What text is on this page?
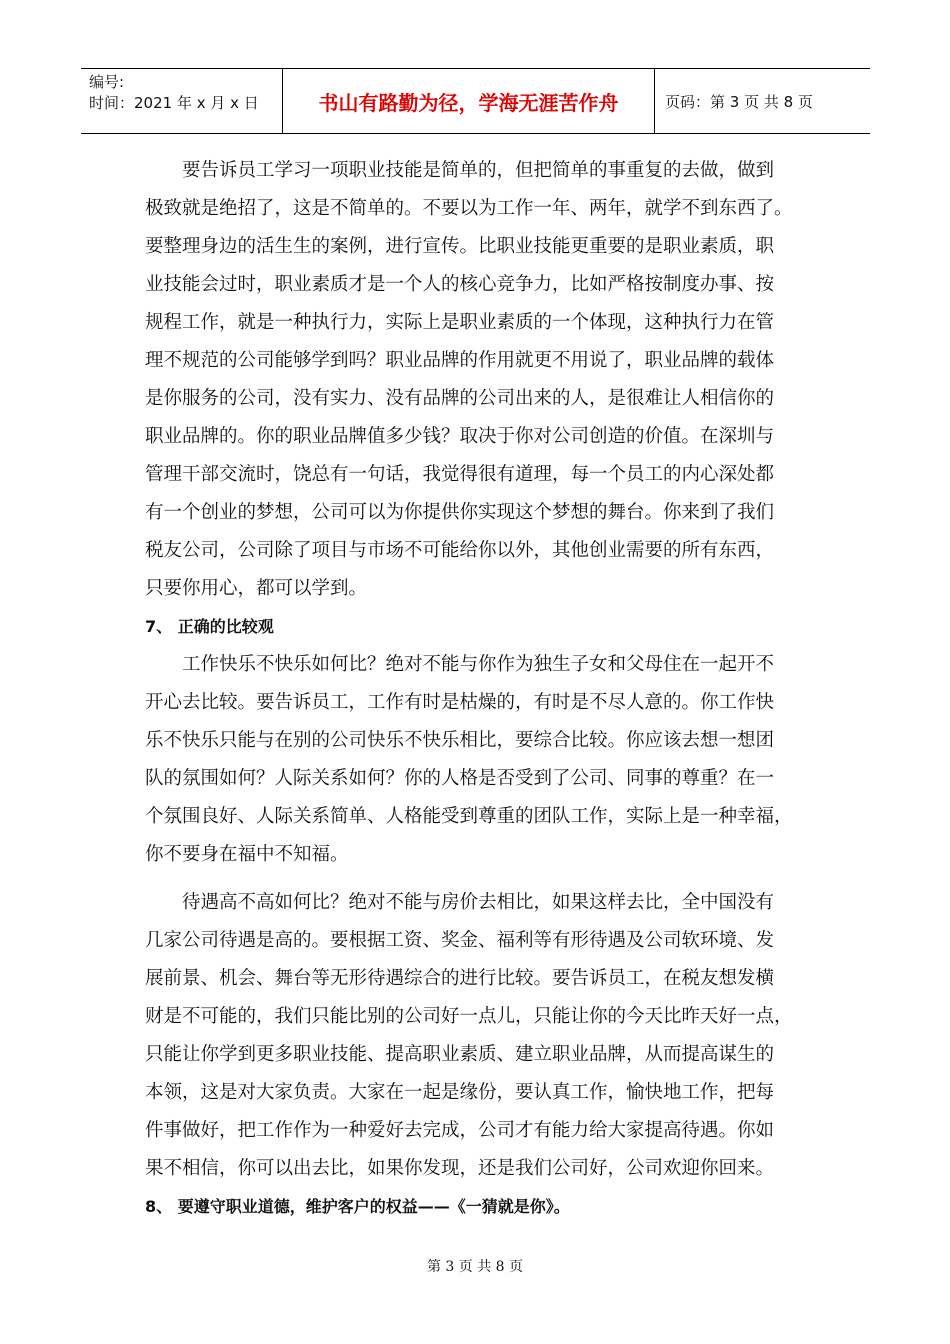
编号:
时间：2021 年 x 月 x 日	书山有路勤为径，学海无涯苦作舟	页码：第 3 页 共 8 页
要告诉员工学习一项职业技能是简单的，但把简单的事重复的去做，做到
极致就是绝招了，这是不简单的。不要以为工作一年、两年，就学不到东西了。
要整理身边的活生生的案例，进行宣传。比职业技能更重要的是职业素质，职
业技能会过时，职业素质才是一个人的核心竞争力，比如严格按制度办事、按
规程工作，就是一种执行力，实际上是职业素质的一个体现，这种执行力在管
理不规范的公司能够学到吗？职业品牌的作用就更不用说了，职业品牌的载体
是你服务的公司，没有实力、没有品牌的公司出来的人，是很难让人相信你的
职业品牌的。你的职业品牌值多少钱？取决于你对公司创造的价值。在深圳与
管理干部交流时，饶总有一句话，我觉得很有道理，每一个员工的内心深处都
有一个创业的梦想，公司可以为你提供你实现这个梦想的舞台。你来到了我们
税友公司，公司除了项目与市场不可能给你以外，其他创业需要的所有东西，
只要你用心，都可以学到。
7、 正确的比较观
工作快乐不快乐如何比？绝对不能与你作为独生子女和父母住在一起开不
开心去比较。要告诉员工，工作有时是枯燥的，有时是不尽人意的。你工作快
乐不快乐只能与在别的公司快乐不快乐相比，要综合比较。你应该去想一想团
队的氛围如何？人际关系如何？你的人格是否受到了公司、同事的尊重？在一
个氛围良好、人际关系简单、人格能受到尊重的团队工作，实际上是一种幸福，
你不要身在福中不知福。
待遇高不高如何比？绝对不能与房价去相比，如果这样去比，全中国没有
几家公司待遇是高的。要根据工资、奖金、福利等有形待遇及公司软环境、发
展前景、机会、舞台等无形待遇综合的进行比较。要告诉员工，在税友想发横
财是不可能的，我们只能比别的公司好一点儿，只能让你的今天比昨天好一点，
只能让你学到更多职业技能、提高职业素质、建立职业品牌，从而提高谋生的
本领，这是对大家负责。大家在一起是缘份，要认真工作，愉快地工作，把每
件事做好，把工作作为一种爱好去完成，公司才有能力给大家提高待遇。你如
果不相信，你可以出去比，如果你发现，还是我们公司好，公司欢迎你回来。
8、 要遵守职业道德，维护客户的权益——《一猜就是你》。
第 3 页 共 8 页
